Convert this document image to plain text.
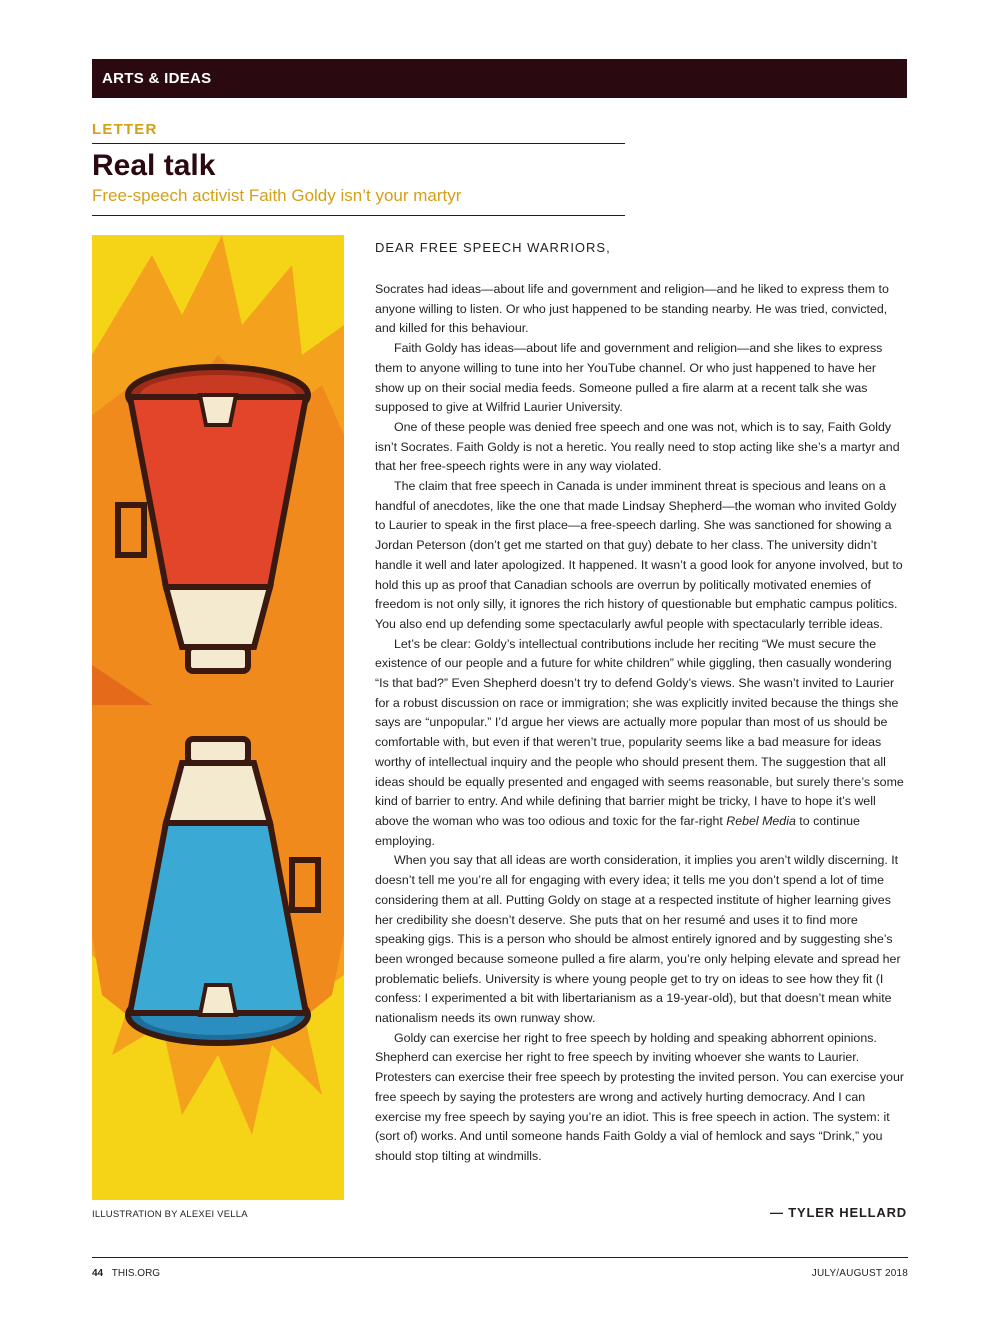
ARTS & IDEAS
LETTER
Real talk
Free-speech activist Faith Goldy isn’t your martyr
ILLUSTRATION BY ALEXEI VELLA
DEAR FREE SPEECH WARRIORS,

Socrates had ideas—about life and government and religion—and he liked to express them to anyone willing to listen. Or who just happened to be standing nearby. He was tried, convicted, and killed for this behaviour.

Faith Goldy has ideas—about life and government and religion—and she likes to express them to anyone willing to tune into her YouTube channel. Or who just happened to have her show up on their social media feeds. Someone pulled a fire alarm at a recent talk she was supposed to give at Wilfrid Laurier University.

One of these people was denied free speech and one was not, which is to say, Faith Goldy isn’t Socrates. Faith Goldy is not a heretic. You really need to stop acting like she’s a martyr and that her free-speech rights were in any way violated.

The claim that free speech in Canada is under imminent threat is specious and leans on a handful of anecdotes, like the one that made Lindsay Shepherd—the woman who invited Goldy to Laurier to speak in the first place—a free-speech darling. She was sanctioned for showing a Jordan Peterson (don’t get me started on that guy) debate to her class. The university didn’t handle it well and later apologized. It happened. It wasn’t a good look for anyone involved, but to hold this up as proof that Canadian schools are overrun by politically motivated enemies of freedom is not only silly, it ignores the rich history of questionable but emphatic campus politics. You also end up defending some spectacularly awful people with spectacularly terrible ideas.

Let’s be clear: Goldy’s intellectual contributions include her reciting “We must secure the existence of our people and a future for white children” while giggling, then casually wondering “Is that bad?” Even Shepherd doesn’t try to defend Goldy’s views. She wasn’t invited to Laurier for a robust discussion on race or immigration; she was explicitly invited because the things she says are “unpopular.” I’d argue her views are actually more popular than most of us should be comfortable with, but even if that weren’t true, popularity seems like a bad measure for ideas worthy of intellectual inquiry and the people who should present them. The suggestion that all ideas should be equally presented and engaged with seems reasonable, but surely there’s some kind of barrier to entry. And while defining that barrier might be tricky, I have to hope it’s well above the woman who was too odious and toxic for the far-right Rebel Media to continue employing.

When you say that all ideas are worth consideration, it implies you aren’t wildly discerning. It doesn’t tell me you’re all for engaging with every idea; it tells me you don’t spend a lot of time considering them at all. Putting Goldy on stage at a respected institute of higher learning gives her credibility she doesn’t deserve. She puts that on her resumé and uses it to find more speaking gigs. This is a person who should be almost entirely ignored and by suggesting she’s been wronged because someone pulled a fire alarm, you’re only helping elevate and spread her problematic beliefs. University is where young people get to try on ideas to see how they fit (I confess: I experimented a bit with libertarianism as a 19-year-old), but that doesn’t mean white nationalism needs its own runway show.

Goldy can exercise her right to free speech by holding and speaking abhorrent opinions. Shepherd can exercise her right to free speech by inviting whoever she wants to Laurier. Protesters can exercise their free speech by protesting the invited person. You can exercise your free speech by saying the protesters are wrong and actively hurting democracy. And I can exercise my free speech by saying you’re an idiot. This is free speech in action. The system: it (sort of) works. And until someone hands Faith Goldy a vial of hemlock and says “Drink,” you should stop tilting at windmills.

— TYLER HELLARD
44 THIS.ORG	JULY/AUGUST 2018
